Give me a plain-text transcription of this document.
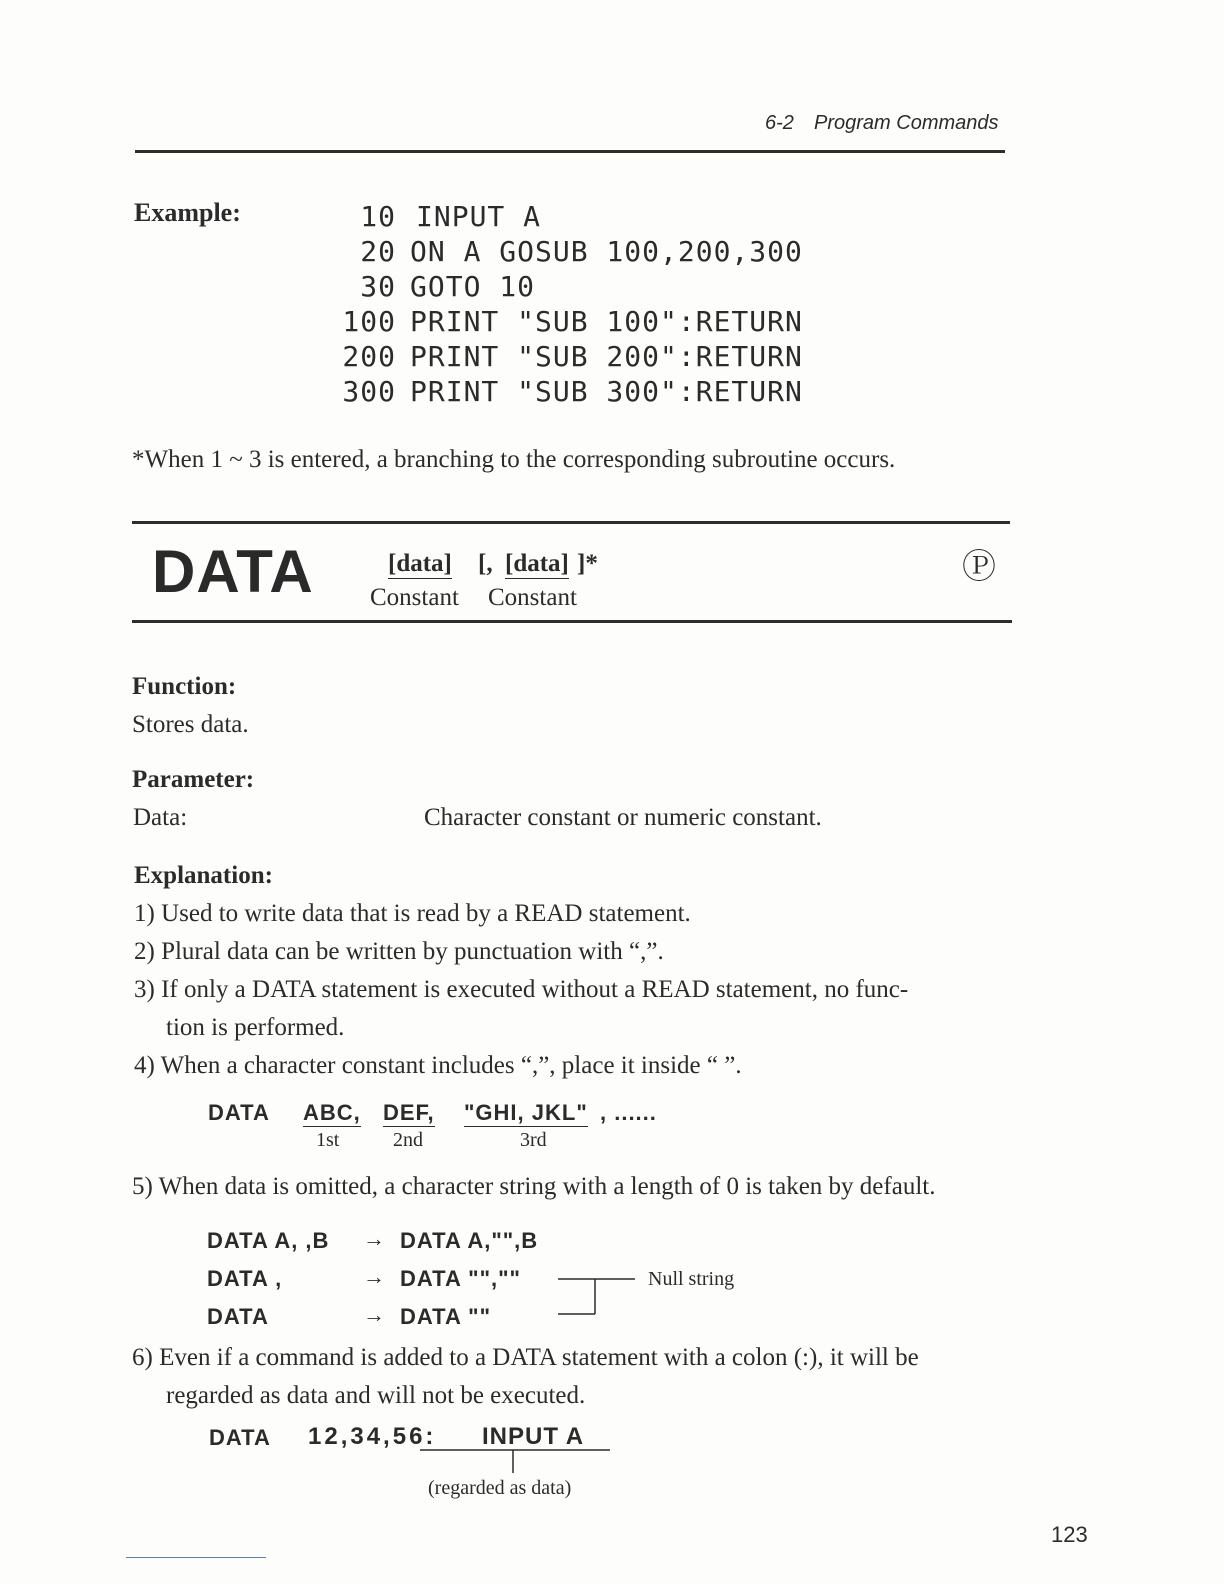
6-2 Program Commands
Example:	10 INPUT A
20 ON A GOSUB 100,200,300
30 GOTO 10
100 PRINT "SUB 100":RETURN
200 PRINT "SUB 200":RETURN
300 PRINT "SUB 300":RETURN
*When 1 ~ 3 is entered, a branching to the corresponding subroutine occurs.
DATA	[data] [, [data] ]*
Constant Constant
Ⓟ
Function:
Stores data.
Parameter:
Data:	Character constant or numeric constant.
Explanation:
1) Used to write data that is read by a READ statement.
2) Plural data can be written by punctuation with “,”.
3) If only a DATA statement is executed without a READ statement, no func-
tion is performed.
4) When a character constant includes “,”, place it inside “ ”.
DATA ABC, DEF, "GHI, JKL" , ......
1st	2nd	3rd
5) When data is omitted, a character string with a length of 0 is taken by default.
DATA A, ,B → DATA A,"",B
DATA ,	→ DATA "",""
DATA	→ DATA ""
Null string
6) Even if a command is added to a DATA statement with a colon (:), it will be
regarded as data and will not be executed.
DATA 12,34,56: INPUT A
(regarded as data)
123
